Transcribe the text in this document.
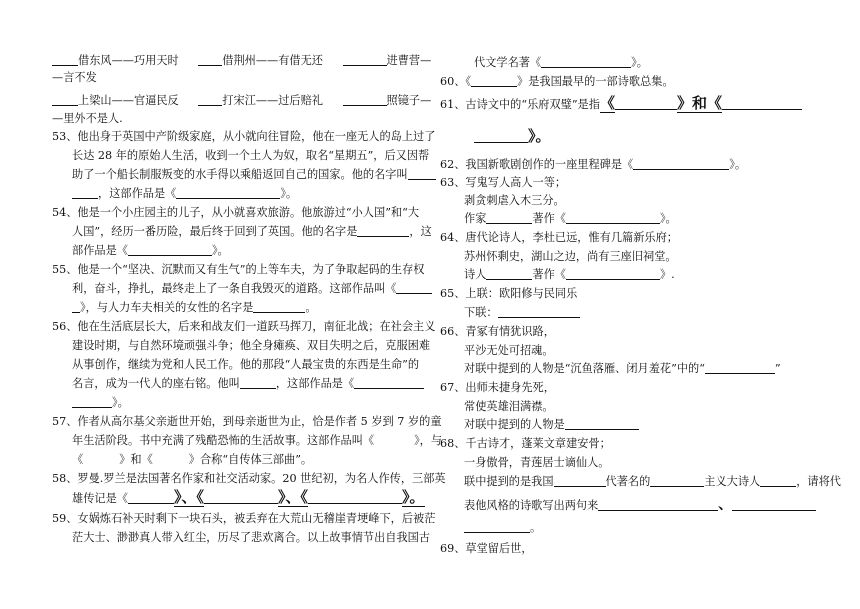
借东风——巧用天时	借荆州——有借无还	进曹营—
—言不发
上梁山——官逼民反	打宋江——过后赔礼	照镜子—
—里外不是人.
53、他出身于英国中产阶级家庭，从小就向往冒险，他在一座无人的岛上过了
长达 28 年的原始人生活，收到一个土人为奴，取名“星期五”，后又因帮
助了一个船长制服叛变的水手得以乘船返回自己的国家。他的名字叫
，这部作品是《	》。
54、他是一个小庄园主的儿子，从小就喜欢旅游。他旅游过“小人国”和“大
人国”，经历一番历险，最后终于回到了英国。他的名字是	，这
部作品是《	》。
55、他是一个“坚决、沉默而又有生气”的上等车夫，为了争取起码的生存权
利，奋斗，挣扎，最终走上了一条自我毁灭的道路。这部作品叫《
》，与人力车夫相关的女性的名字是	。
56、他在生活底层长大，后来和战友们一道跃马挥刀，南征北战；在社会主义
建设时期，与自然环境顽强斗争；他全身瘫痪、双目失明之后，克服困难
从事创作，继续为党和人民工作。他的那段“人最宝贵的东西是生命”的
名言，成为一代人的座右铭。他叫	，这部作品是《
》。
57、作者从高尔基父亲逝世开始，到母亲逝世为止，恰是作者 5 岁到 7 岁的童
年生活阶段。书中充满了残酷恐怖的生活故事。这部作品叫《	》，与
《	》和《	》合称“自传体三部曲”。
58、罗曼.罗兰是法国著名作家和社交活动家。20 世纪初，为名人作传，三部英
雄传记是《	》、《	》、《	》。
59、女娲炼石补天时剩下一块石头，被丢弃在大荒山无稽崖青埂峰下，后被茫
茫大士、渺渺真人带入红尘，历尽了悲欢离合。以上故事情节出自我国古
代文学名著《	》。
60、《	》是我国最早的一部诗歌总集。
61、古诗文中的“乐府双璧”是指《	》和《
》。
62、我国新歌剧创作的一座里程碑是《	》。
63、写鬼写人高人一等；
剥贪刺虐入木三分。
作家	著作《	》。
64、唐代论诗人，李杜已远，惟有几篇新乐府；
苏州怀剩史，湖山之边，尚有三座旧祠堂。
诗人	著作《	》.
65、上联：欧阳修与民同乐
下联：
66、青冢有情犹识路，
平沙无处可招魂。
对联中提到的人物是“沉鱼落雁、闭月羞花”中的“	”
67、出师未捷身先死，
常使英雄泪满襟。
对联中提到的人物是
68、千古诗才，蓬莱文章建安骨；
一身傲骨，青莲居士谪仙人。
联中提到的是我国	代著名的	主义大诗人	，请将代
表他风格的诗歌写出两句来	、
。
69、草堂留后世，
